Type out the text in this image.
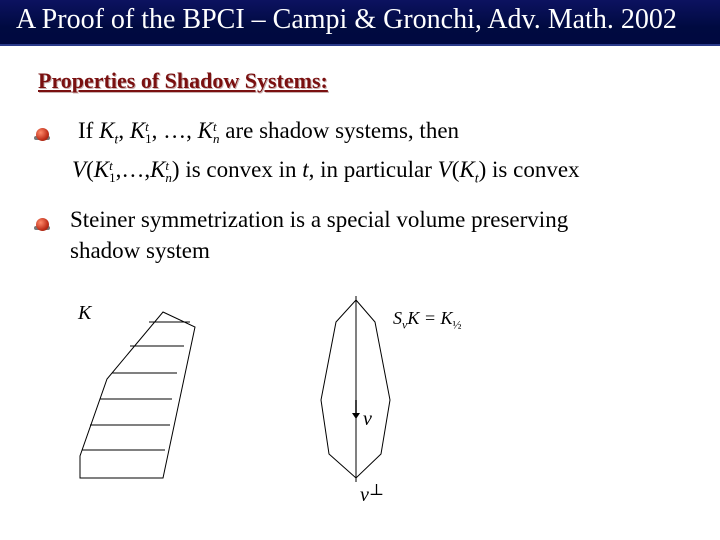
A Proof of the BPCI – Campi & Gronchi, Adv. Math. 2002
Properties of Shadow Systems:
If $K_t$, K t
1 , …, K t
n are shadow systems, then
V(K t
1 ,…,K t
n ) is convex in t, in particular $V(K_t)$ is convex
Steiner symmetrization is a special volume preserving
shadow system
K	$S_vK = K_{\frac{1}{2}}$
v
v⊥
